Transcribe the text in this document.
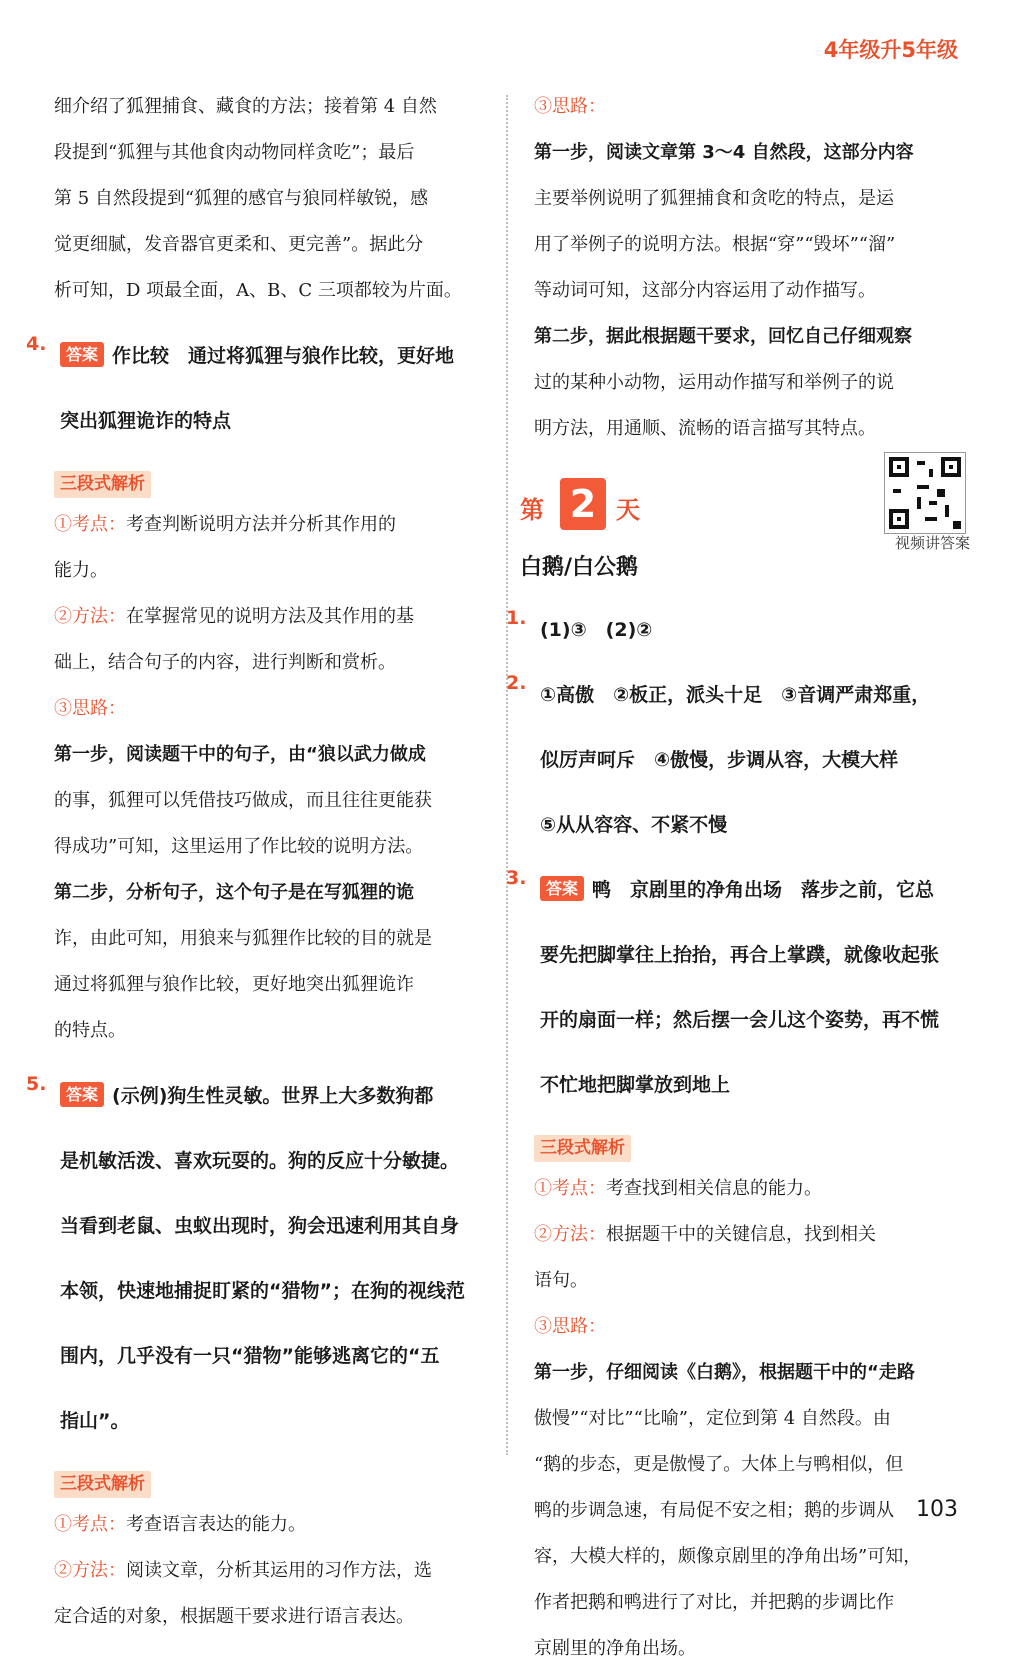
4年级升5年级

细介绍了狐狸捕食、藏食的方法；接着第 4 自然

段提到“狐狸与其他食肉动物同样贪吃”；最后

第 5 自然段提到“狐狸的感官与狼同样敏锐，感

觉更细腻，发音器官更柔和、更完善”。据此分

析可知，D 项最全面，A、B、C 三项都较为片面。

4.	答案 作比较　通过将狐狸与狼作比较，更好地

突出狐狸诡诈的特点

三段式解析

①考点：考查判断说明方法并分析其作用的

能力。

②方法：在掌握常见的说明方法及其作用的基

础上，结合句子的内容，进行判断和赏析。

③思路：

第一步，阅读题干中的句子，由“狼以武力做成

的事，狐狸可以凭借技巧做成，而且往往更能获

得成功”可知，这里运用了作比较的说明方法。

第二步，分析句子，这个句子是在写狐狸的诡

诈，由此可知，用狼来与狐狸作比较的目的就是

通过将狐狸与狼作比较，更好地突出狐狸诡诈

的特点。

5.	答案 (示例)狗生性灵敏。世界上大多数狗都

是机敏活泼、喜欢玩耍的。狗的反应十分敏捷。

当看到老鼠、虫蚁出现时，狗会迅速利用其自身

本领，快速地捕捉盯紧的“猎物”；在狗的视线范

围内，几乎没有一只“猎物”能够逃离它的“五

指山”。

三段式解析

①考点：考查语言表达的能力。

②方法：阅读文章，分析其运用的习作方法，选

定合适的对象，根据题干要求进行语言表达。

③思路：

第一步，阅读文章第 3～4 自然段，这部分内容

主要举例说明了狐狸捕食和贪吃的特点，是运

用了举例子的说明方法。根据“穿”“毁坏”“溜”

等动词可知，这部分内容运用了动作描写。

第二步，据此根据题干要求，回忆自己仔细观察

过的某种小动物，运用动作描写和举例子的说

明方法，用通顺、流畅的语言描写其特点。

第 2 天
视频讲答案

白鹅/白公鹅

1.

(1)③　(2)②

2.

①高傲　②板正，派头十足　③音调严肃郑重，

似厉声呵斥　④傲慢，步调从容，大模大样

⑤从从容容、不紧不慢

3.	答案 鸭　京剧里的净角出场　落步之前，它总

要先把脚掌往上抬抬，再合上掌蹼，就像收起张

开的扇面一样；然后摆一会儿这个姿势，再不慌

不忙地把脚掌放到地上

三段式解析

①考点：考查找到相关信息的能力。

②方法：根据题干中的关键信息，找到相关

语句。

③思路：

第一步，仔细阅读《白鹅》，根据题干中的“走路

傲慢”“对比”“比喻”，定位到第 4 自然段。由

“鹅的步态，更是傲慢了。大体上与鸭相似，但

鸭的步调急速，有局促不安之相；鹅的步调从

容，大模大样的，颇像京剧里的净角出场”可知，

作者把鹅和鸭进行了对比，并把鹅的步调比作

京剧里的净角出场。

103
